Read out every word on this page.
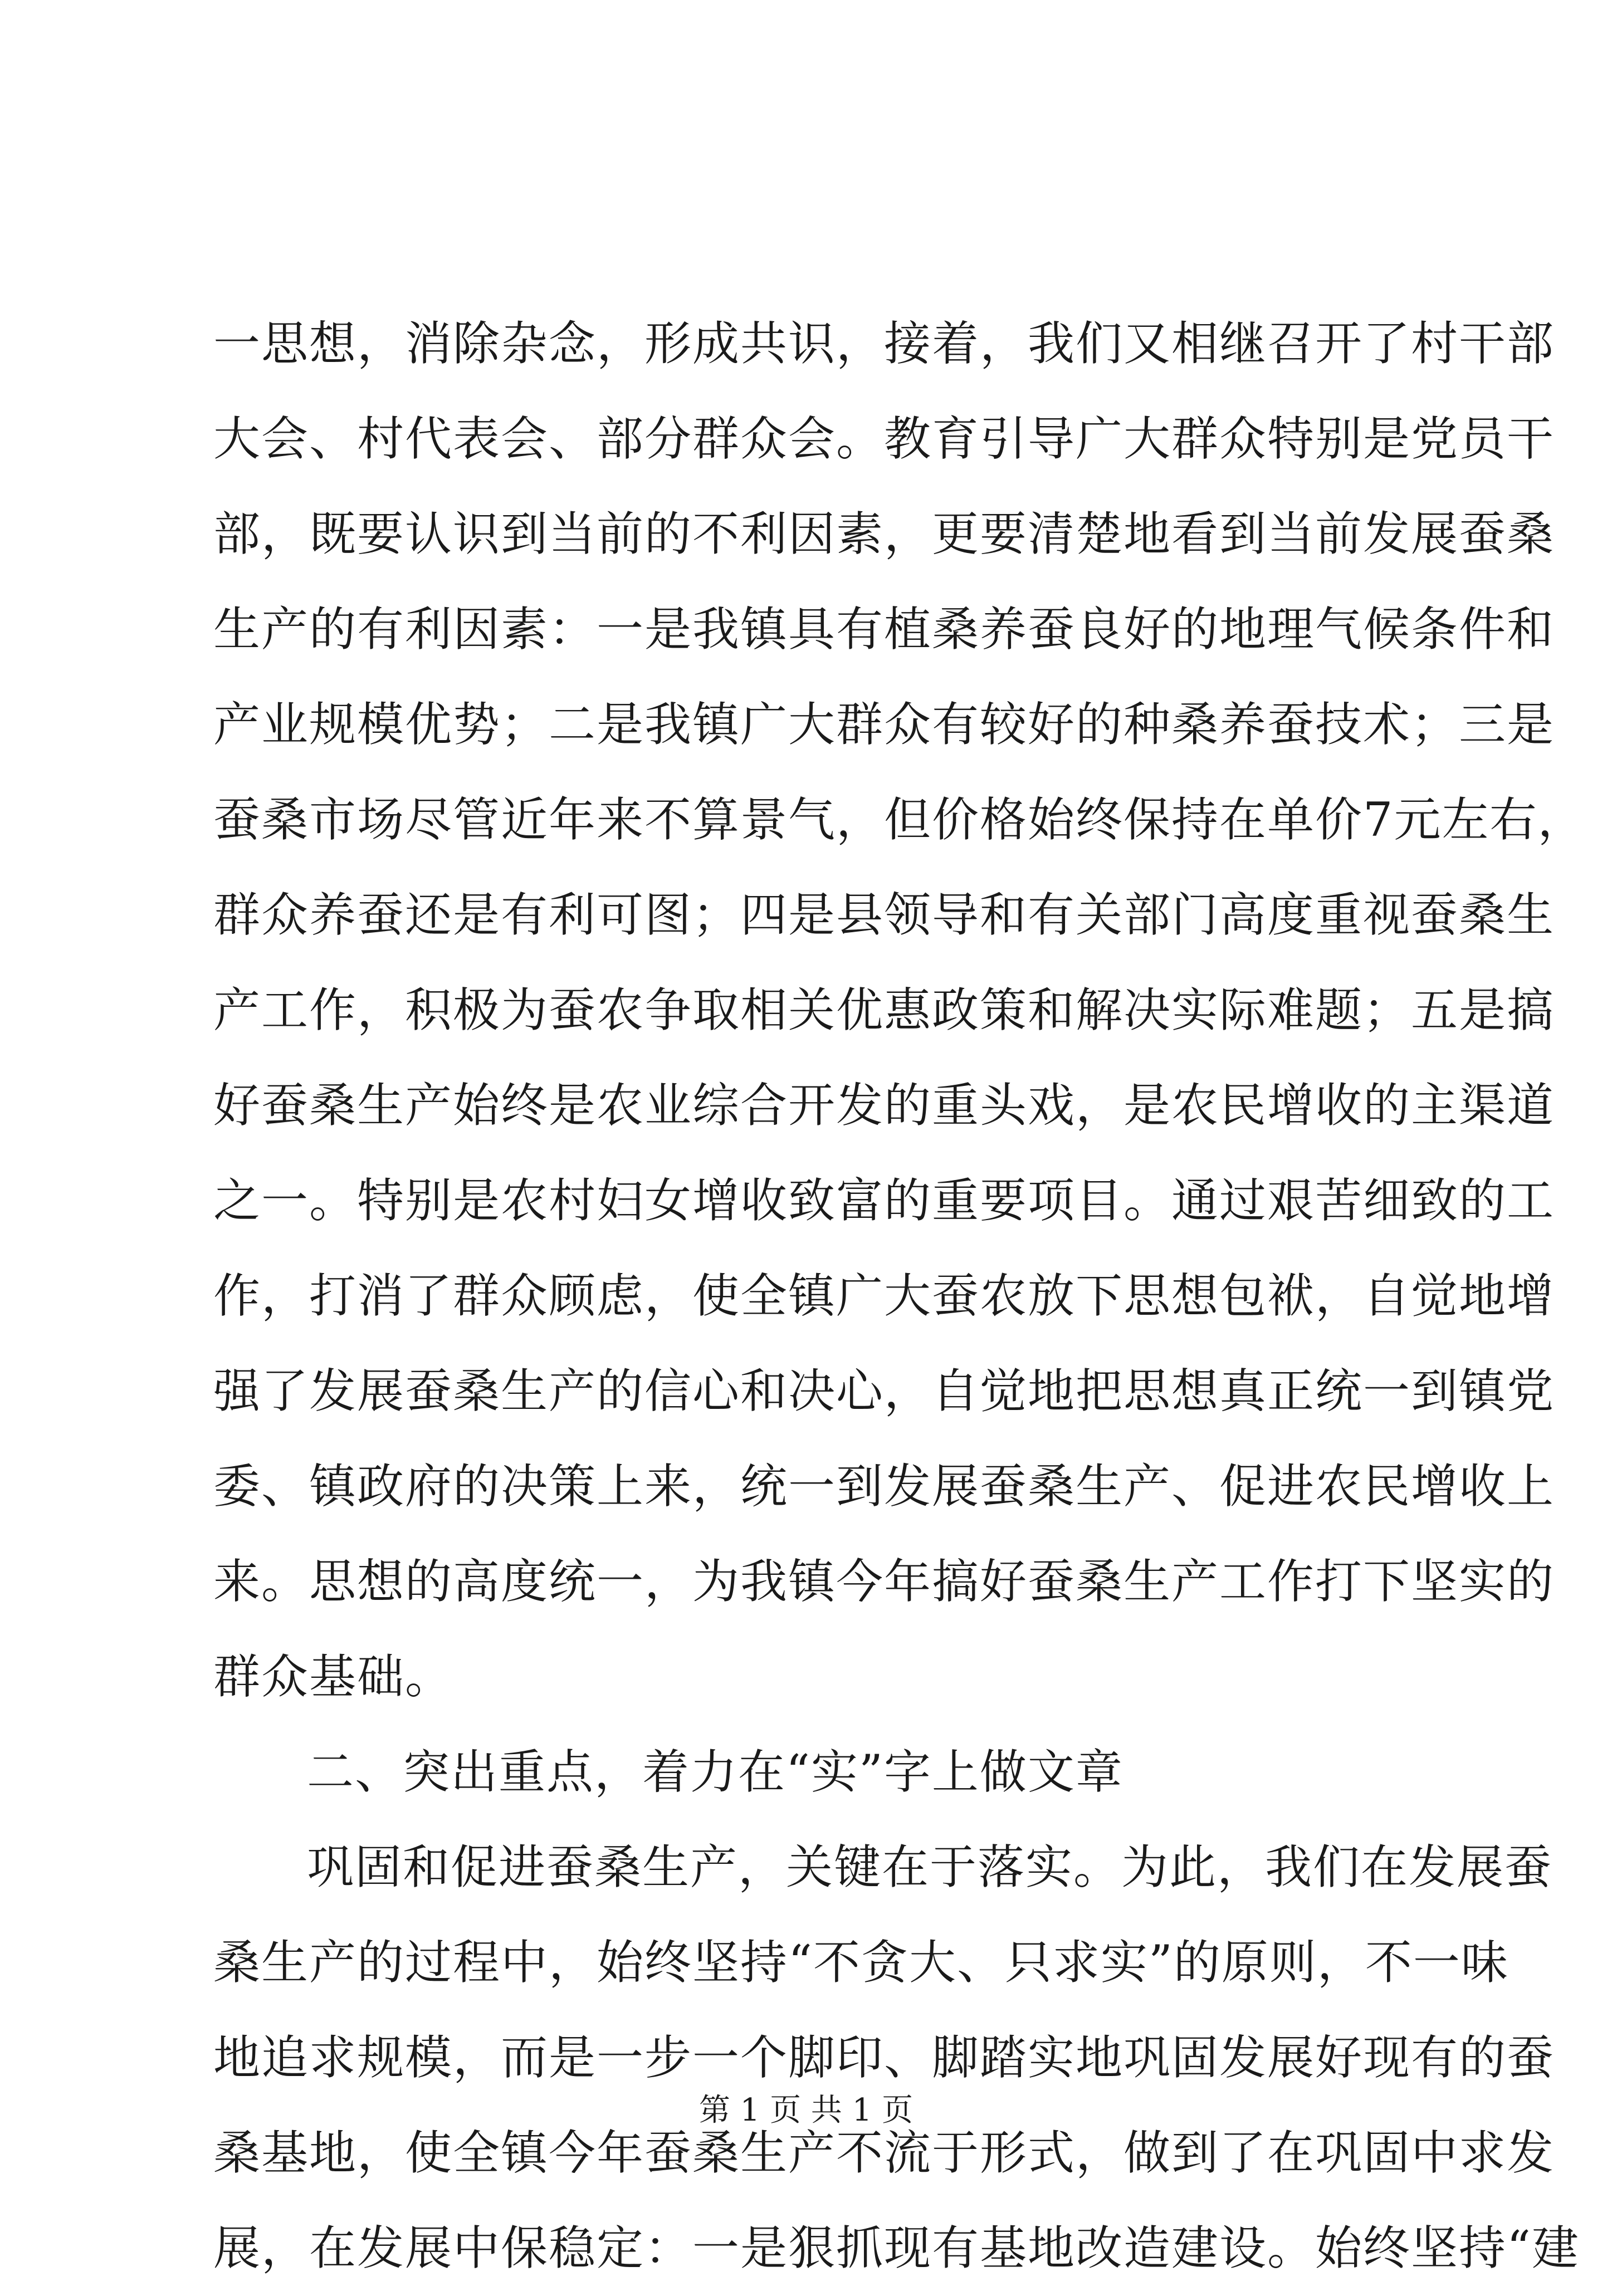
一思想，消除杂念，形成共识，接着，我们又相继召开了村干部
大会、村代表会、部分群众会。教育引导广大群众特别是党员干
部，既要认识到当前的不利因素，更要清楚地看到当前发展蚕桑
生产的有利因素：一是我镇具有植桑养蚕良好的地理气候条件和
产业规模优势；二是我镇广大群众有较好的种桑养蚕技术；三是
蚕桑市场尽管近年来不算景气，但价格始终保持在单价7元左右，
群众养蚕还是有利可图；四是县领导和有关部门高度重视蚕桑生
产工作，积极为蚕农争取相关优惠政策和解决实际难题；五是搞
好蚕桑生产始终是农业综合开发的重头戏，是农民增收的主渠道
之一。特别是农村妇女增收致富的重要项目。通过艰苦细致的工
作，打消了群众顾虑，使全镇广大蚕农放下思想包袱，自觉地增
强了发展蚕桑生产的信心和决心，自觉地把思想真正统一到镇党
委、镇政府的决策上来，统一到发展蚕桑生产、促进农民增收上
来。思想的高度统一，为我镇今年搞好蚕桑生产工作打下坚实的
群众基础。
二、突出重点，着力在“实”字上做文章
巩固和促进蚕桑生产，关键在于落实。为此，我们在发展蚕
桑生产的过程中，始终坚持“不贪大、只求实”的原则，不一味
地追求规模，而是一步一个脚印、脚踏实地巩固发展好现有的蚕
桑基地，使全镇今年蚕桑生产不流于形式，做到了在巩固中求发
展，在发展中保稳定：一是狠抓现有基地改造建设。始终坚持“建
第 1 页 共 1 页
